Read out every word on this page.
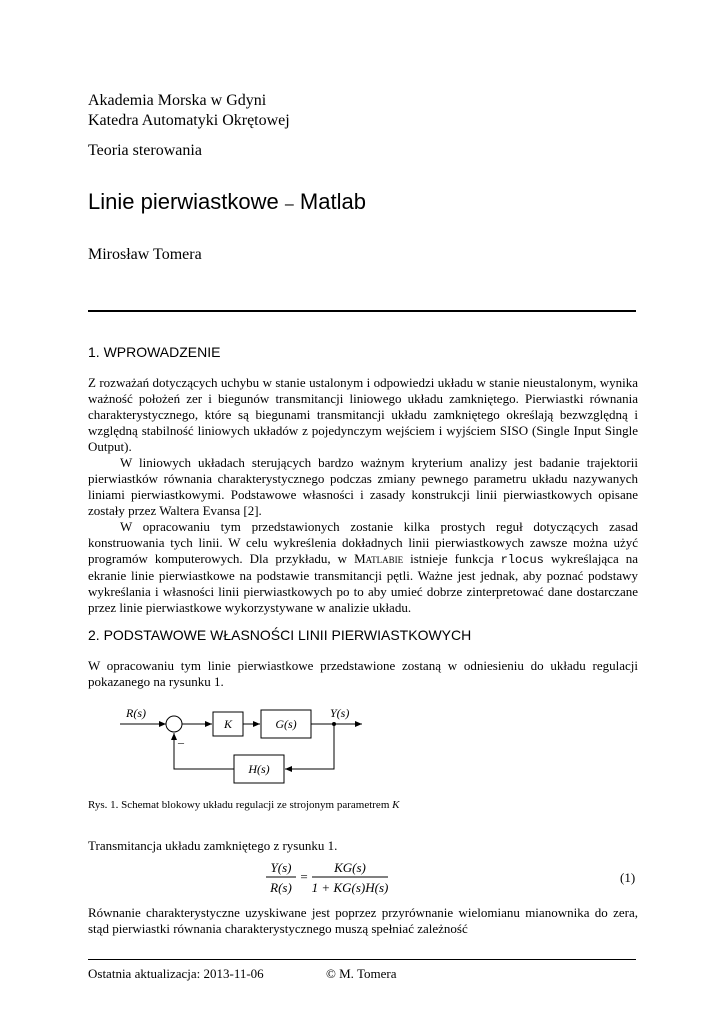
Akademia Morska w Gdyni
Katedra Automatyki Okrętowej
Teoria sterowania
Linie pierwiastkowe – Matlab
Mirosław Tomera
1. WPROWADZENIE

Z rozważań dotyczących uchybu w stanie ustalonym i odpowiedzi układu w stanie nieustalonym, wynika ważność położeń zer i biegunów transmitancji liniowego układu zamkniętego. Pierwiastki równania charakterystycznego, które są biegunami transmitancji układu zamkniętego określają bezwzględną i względną stabilność liniowych układów z pojedynczym wejściem i wyjściem SISO (Single Input Single Output).

W liniowych układach sterujących bardzo ważnym kryterium analizy jest badanie trajektorii pierwiastków równania charakterystycznego podczas zmiany pewnego parametru układu nazywanych liniami pierwiastkowymi. Podstawowe własności i zasady konstrukcji linii pierwiastkowych opisane zostały przez Waltera Evansa [2].

W opracowaniu tym przedstawionych zostanie kilka prostych reguł dotyczących zasad konstruowania tych linii. W celu wykreślenia dokładnych linii pierwiastkowych zawsze można użyć programów komputerowych. Dla przykładu, w Matlabie istnieje funkcja rlocus wykreślająca na ekranie linie pierwiastkowe na podstawie transmitancji pętli. Ważne jest jednak, aby poznać podstawy wykreślania i własności linii pierwiastkowych po to aby umieć dobrze zinterpretować dane dostarczane przez linie pierwiastkowe wykorzystywane w analizie układu.

2. PODSTAWOWE WŁASNOŚCI LINII PIERWIASTKOWYCH
W opracowaniu tym linie pierwiastkowe przedstawione zostaną w odniesieniu do układu regulacji pokazanego na rysunku 1.
R(s)	Y(s)
K	G(s)
H(s)
–
Rys. 1. Schemat blokowy układu regulacji ze strojonym parametrem K
Transmitancja układu zamkniętego z rysunku 1.
Y(s)
R(s)
=
KG(s)
1 + KG(s)H(s)
(1)
Równanie charakterystyczne uzyskiwane jest poprzez przyrównanie wielomianu mianownika do zera, stąd pierwiastki równania charakterystycznego muszą spełniać zależność
Ostatnia aktualizacja: 2013-11-06	© M. Tomera
